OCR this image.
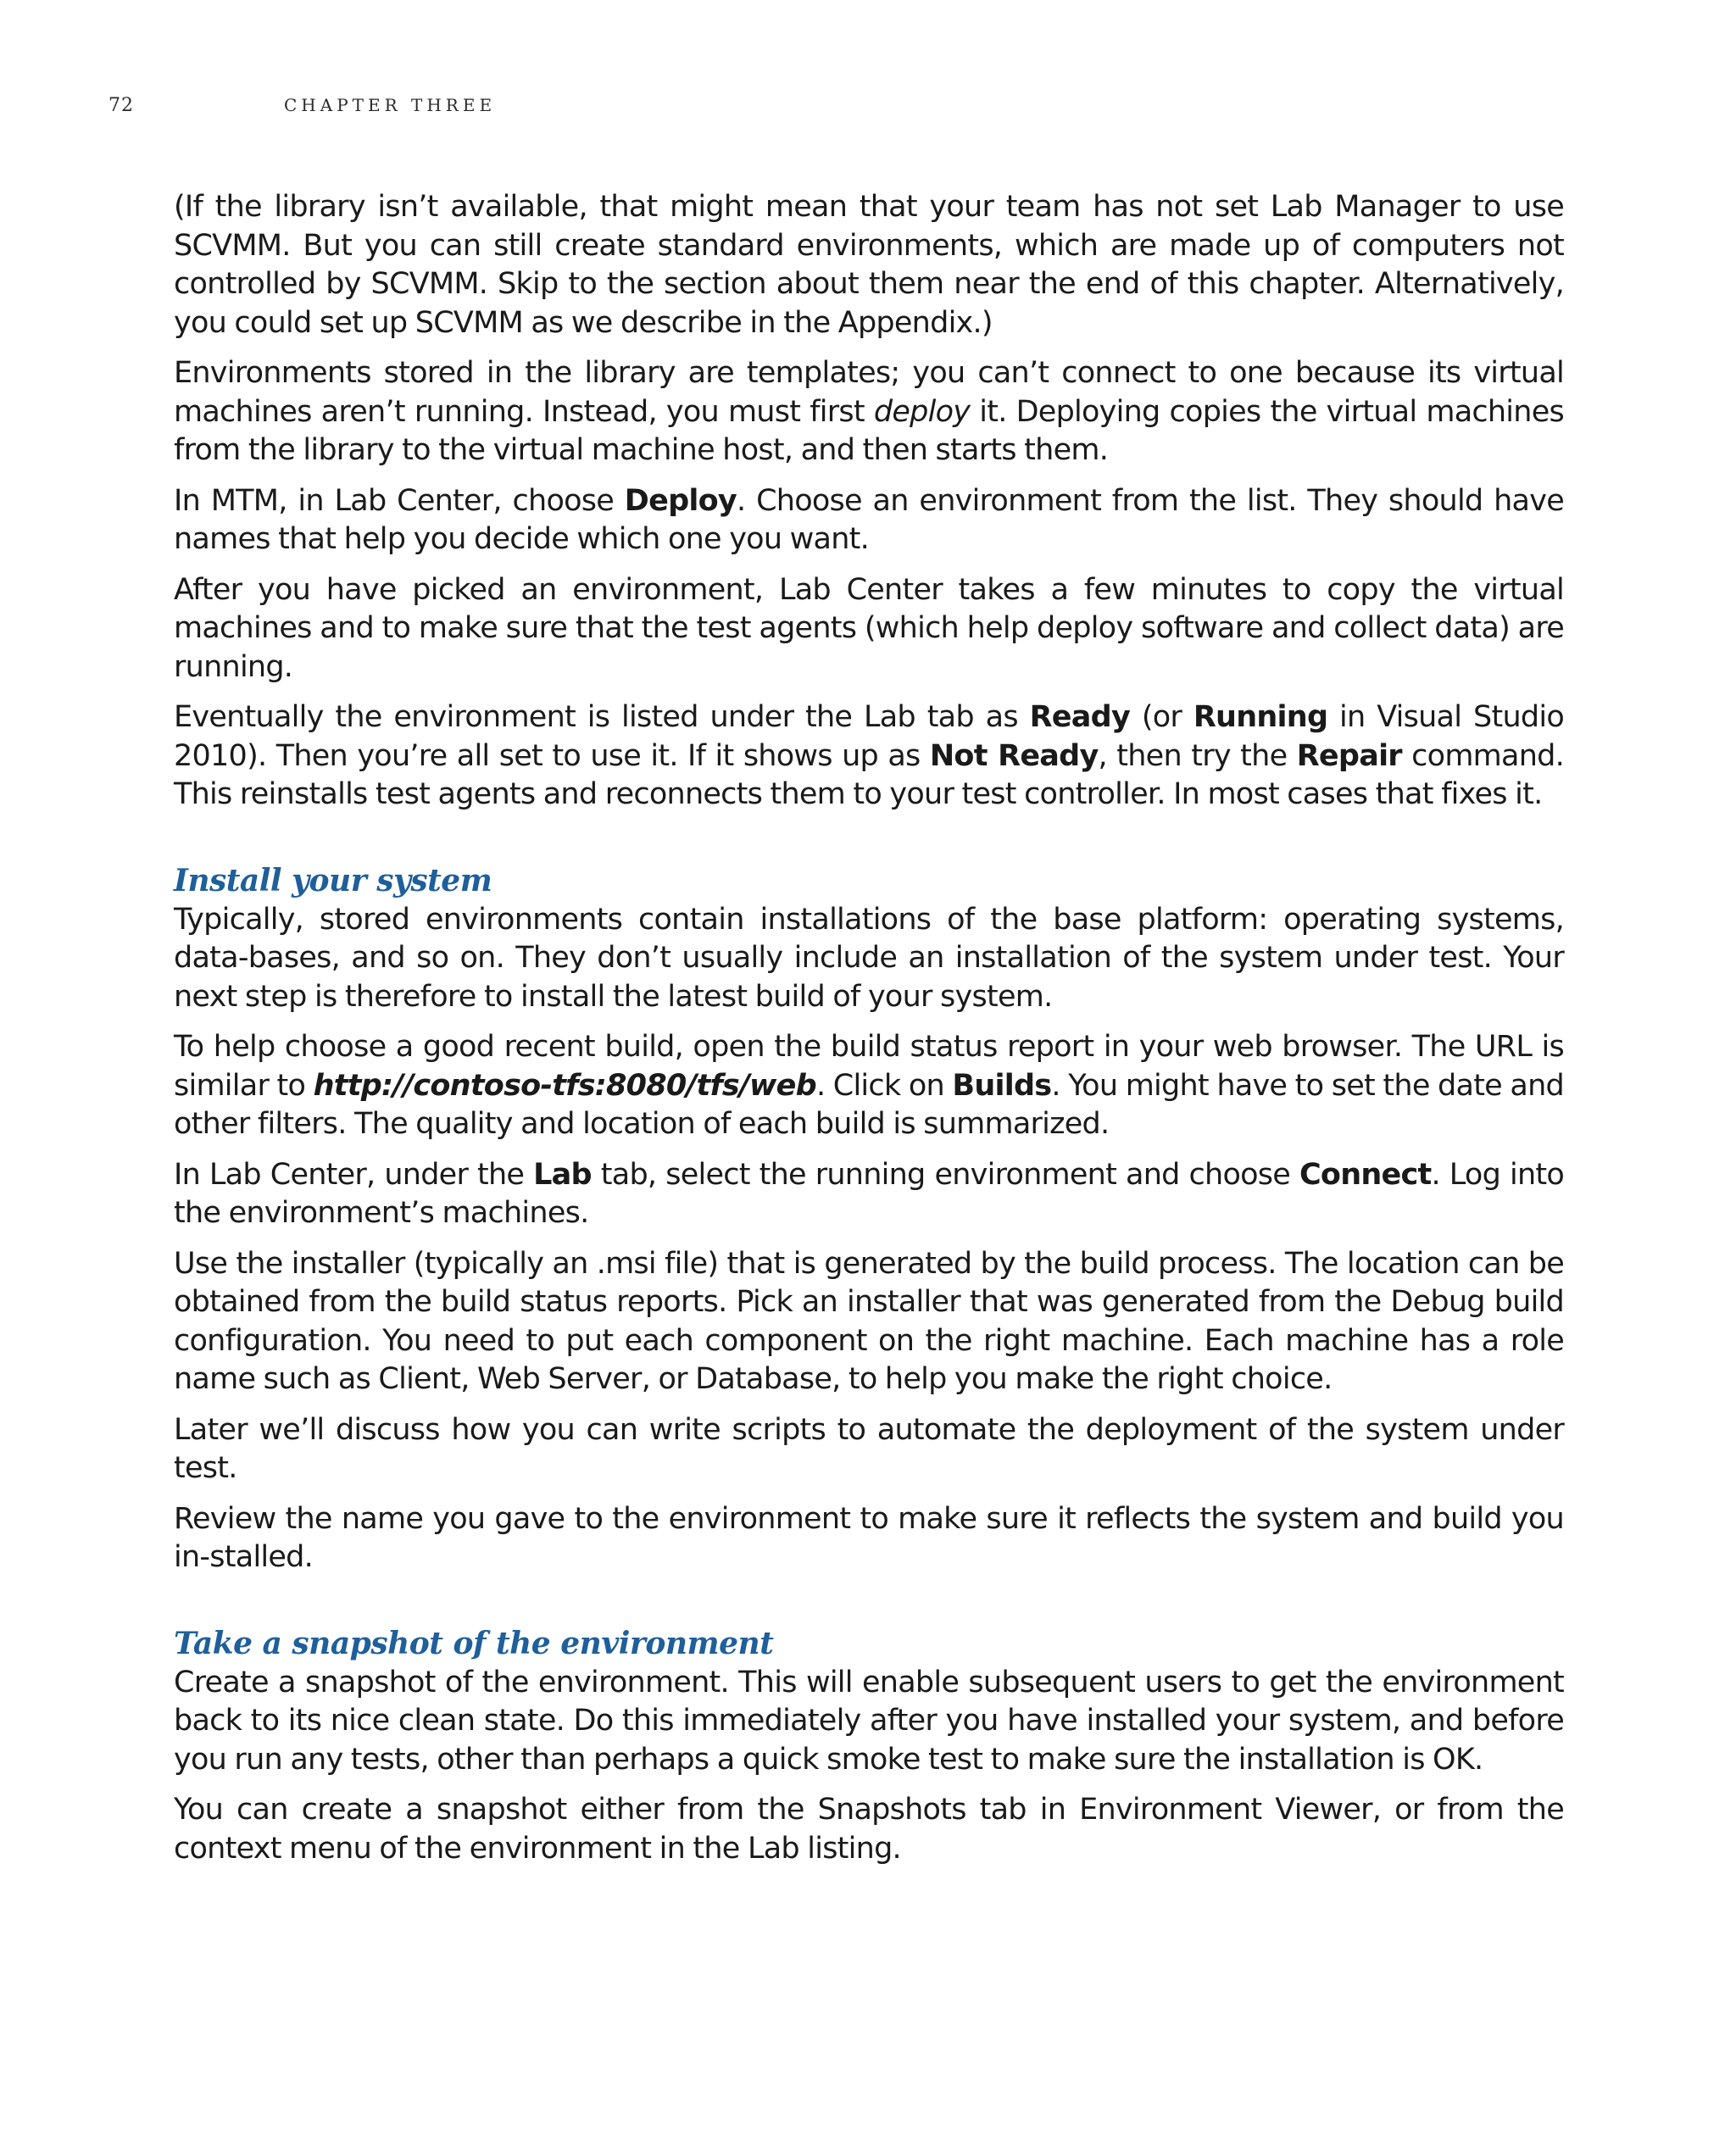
72	CHAPTER THREE

(If the library isn’t available, that might mean that your team has not set Lab Manager to use SCVMM. But you can still create standard environments, which are made up of computers not controlled by SCVMM. Skip to the section about them near the end of this chapter. Alternatively, you could set up SCVMM as we describe in the Appendix.)

Environments stored in the library are templates; you can’t connect to one because its virtual machines aren’t running. Instead, you must first deploy it. Deploying copies the virtual machines from the library to the virtual machine host, and then starts them.

In MTM, in Lab Center, choose Deploy. Choose an environment from the list. They should have names that help you decide which one you want.

After you have picked an environment, Lab Center takes a few minutes to copy the virtual machines and to make sure that the test agents (which help deploy software and collect data) are running.

Eventually the environment is listed under the Lab tab as Ready (or Running in Visual Studio 2010). Then you’re all set to use it. If it shows up as Not Ready, then try the Repair command. This reinstalls test agents and reconnects them to your test controller. In most cases that fixes it.

Install your system

Typically, stored environments contain installations of the base platform: operating systems, data-bases, and so on. They don’t usually include an installation of the system under test. Your next step is therefore to install the latest build of your system.

To help choose a good recent build, open the build status report in your web browser. The URL is similar to http://contoso-tfs:8080/tfs/web. Click on Builds. You might have to set the date and other filters. The quality and location of each build is summarized.

In Lab Center, under the Lab tab, select the running environment and choose Connect. Log into the environment’s machines.

Use the installer (typically an .msi file) that is generated by the build process. The location can be obtained from the build status reports. Pick an installer that was generated from the Debug build configuration. You need to put each component on the right machine. Each machine has a role name such as Client, Web Server, or Database, to help you make the right choice.

Later we’ll discuss how you can write scripts to automate the deployment of the system under test.

Review the name you gave to the environment to make sure it reflects the system and build you in-stalled.

Take a snapshot of the environment

Create a snapshot of the environment. This will enable subsequent users to get the environment back to its nice clean state. Do this immediately after you have installed your system, and before you run any tests, other than perhaps a quick smoke test to make sure the installation is OK.

You can create a snapshot either from the Snapshots tab in Environment Viewer, or from the context menu of the environment in the Lab listing.
